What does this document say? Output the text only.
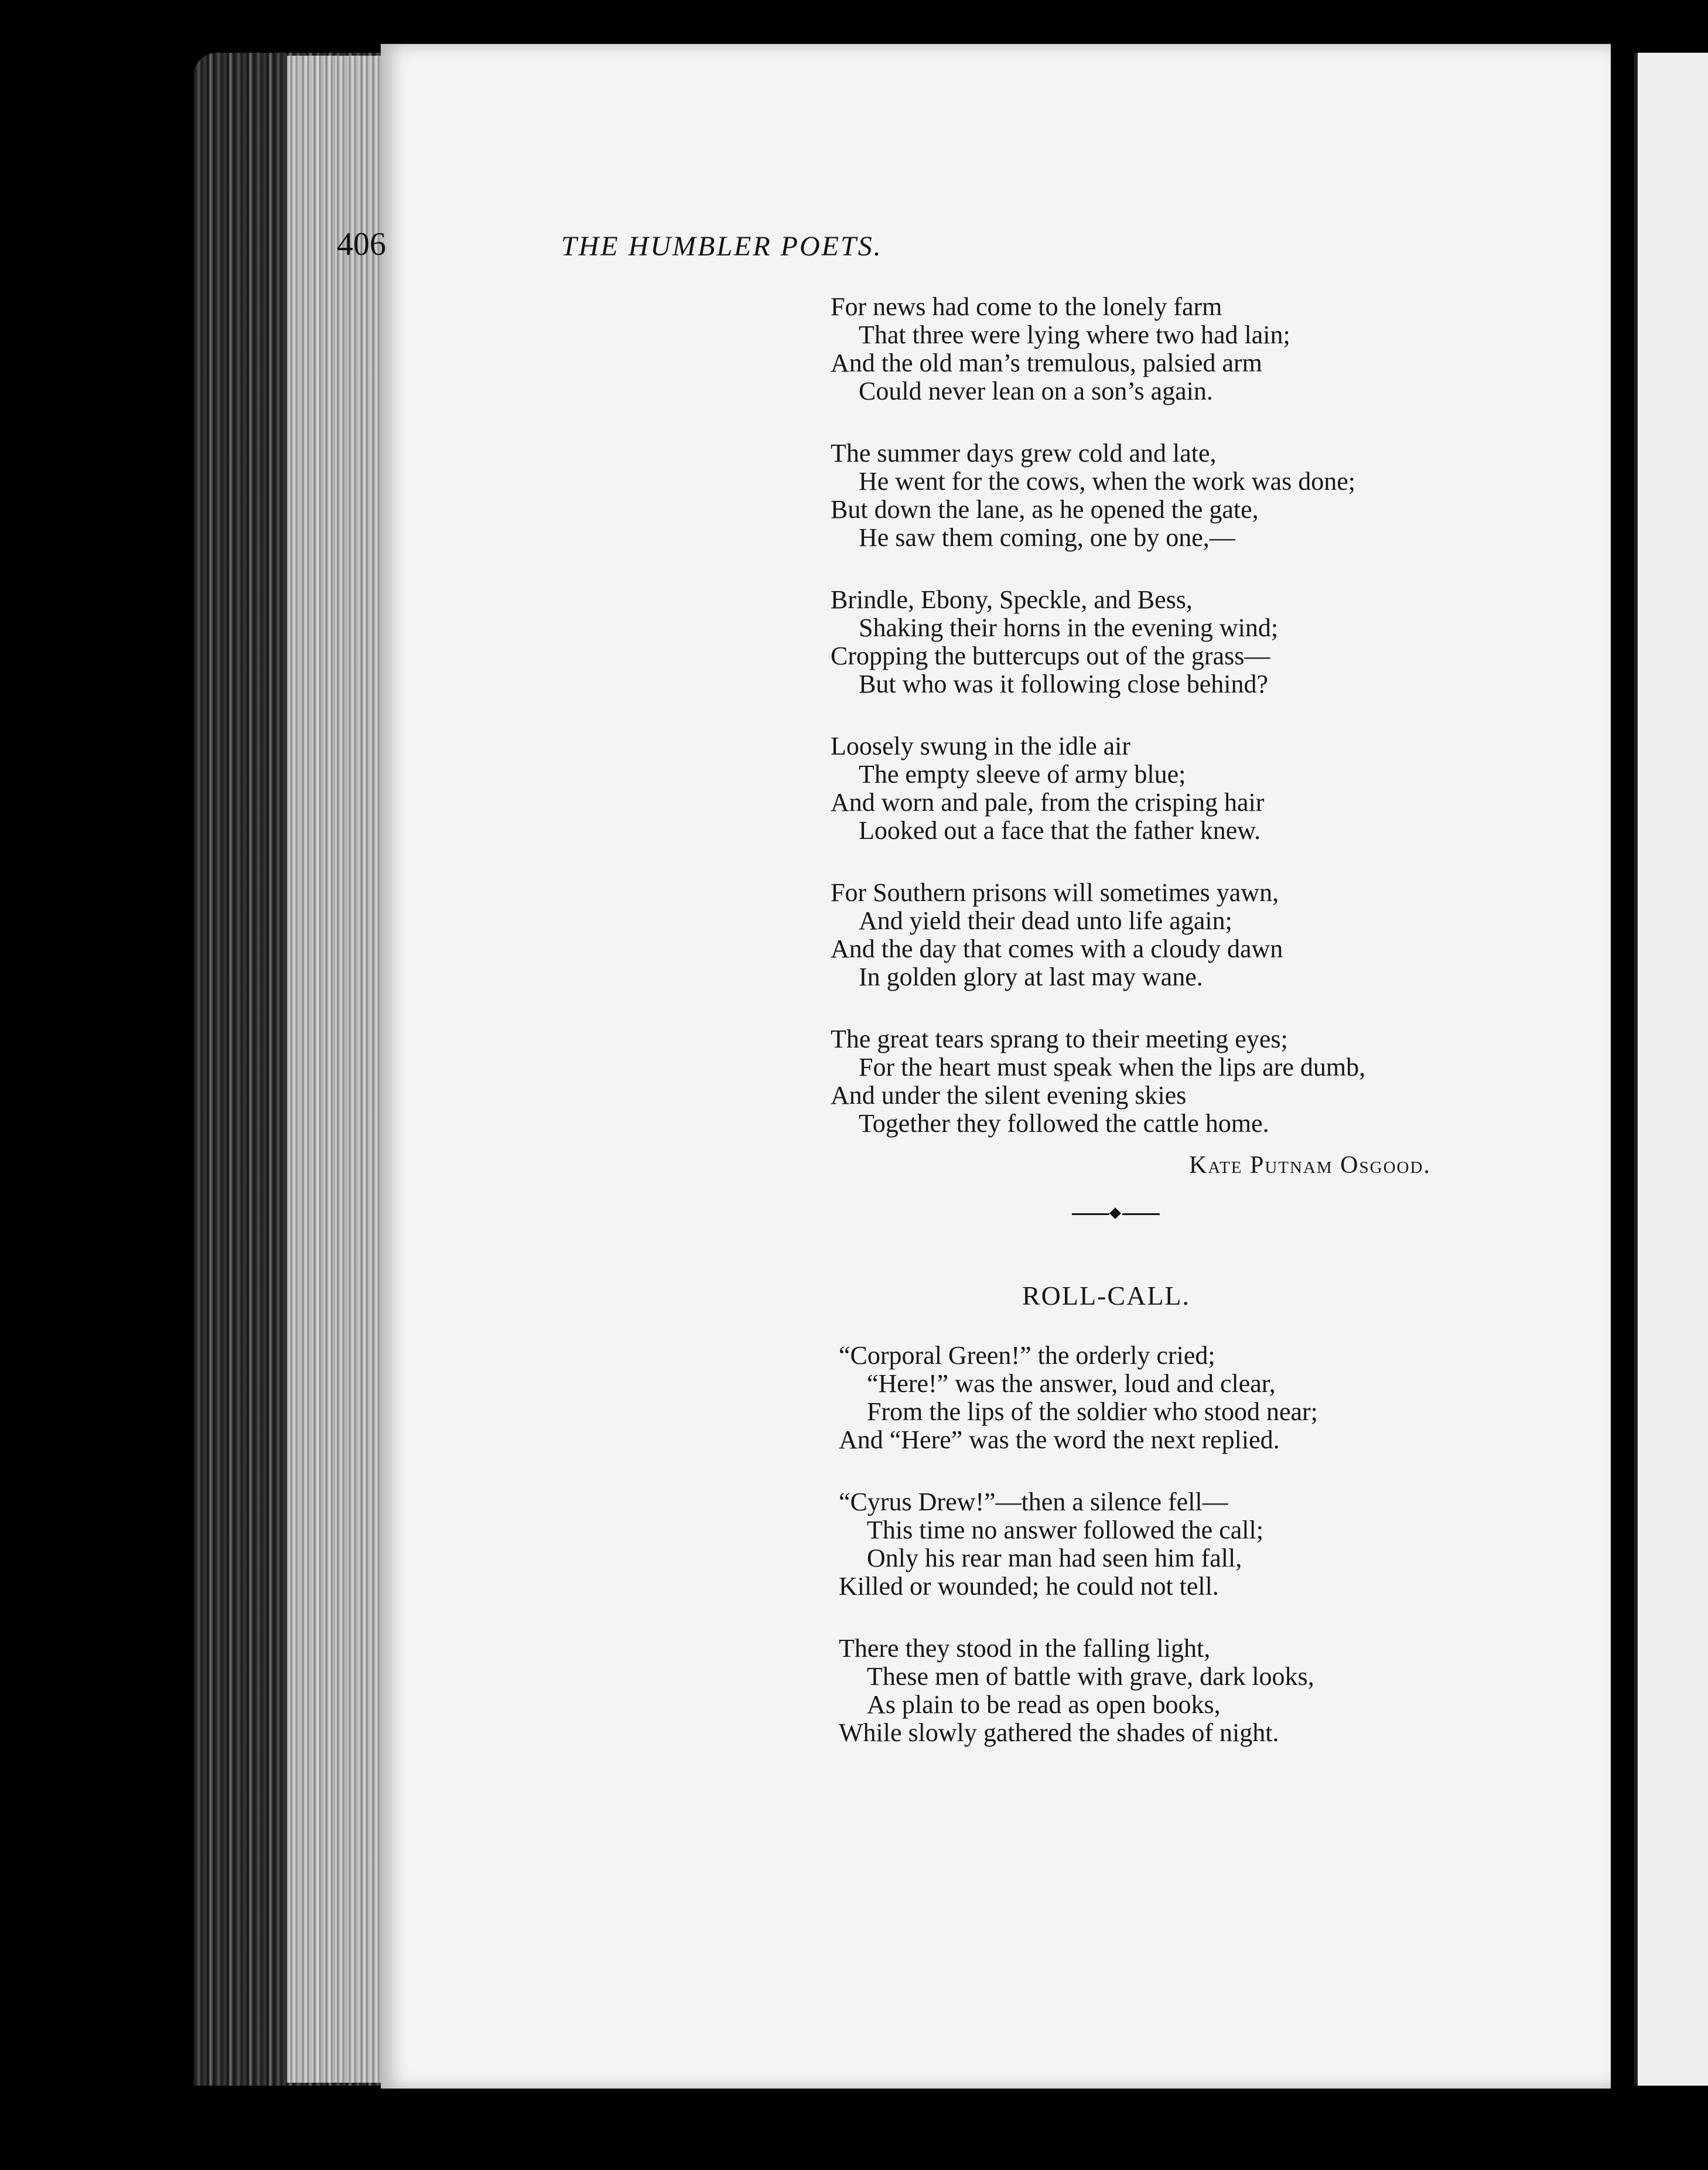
406	THE HUMBLER POETS.
For news had come to the lonely farm
That three were lying where two had lain;
And the old man’s tremulous, palsied arm
Could never lean on a son’s again.
The summer days grew cold and late,
He went for the cows, when the work was done;
But down the lane, as he opened the gate,
He saw them coming, one by one,—
Brindle, Ebony, Speckle, and Bess,
Shaking their horns in the evening wind;
Cropping the buttercups out of the grass—
But who was it following close behind?
Loosely swung in the idle air
The empty sleeve of army blue;
And worn and pale, from the crisping hair
Looked out a face that the father knew.
For Southern prisons will sometimes yawn,
And yield their dead unto life again;
And the day that comes with a cloudy dawn
In golden glory at last may wane.
The great tears sprang to their meeting eyes;
For the heart must speak when the lips are dumb,
And under the silent evening skies
Together they followed the cattle home.
Kate Putnam Osgood.
ROLL-CALL.
“Corporal Green!” the orderly cried;
“Here!” was the answer, loud and clear,
From the lips of the soldier who stood near;
And “Here” was the word the next replied.
“Cyrus Drew!”—then a silence fell—
This time no answer followed the call;
Only his rear man had seen him fall,
Killed or wounded; he could not tell.
There they stood in the falling light,
These men of battle with grave, dark looks,
As plain to be read as open books,
While slowly gathered the shades of night.
